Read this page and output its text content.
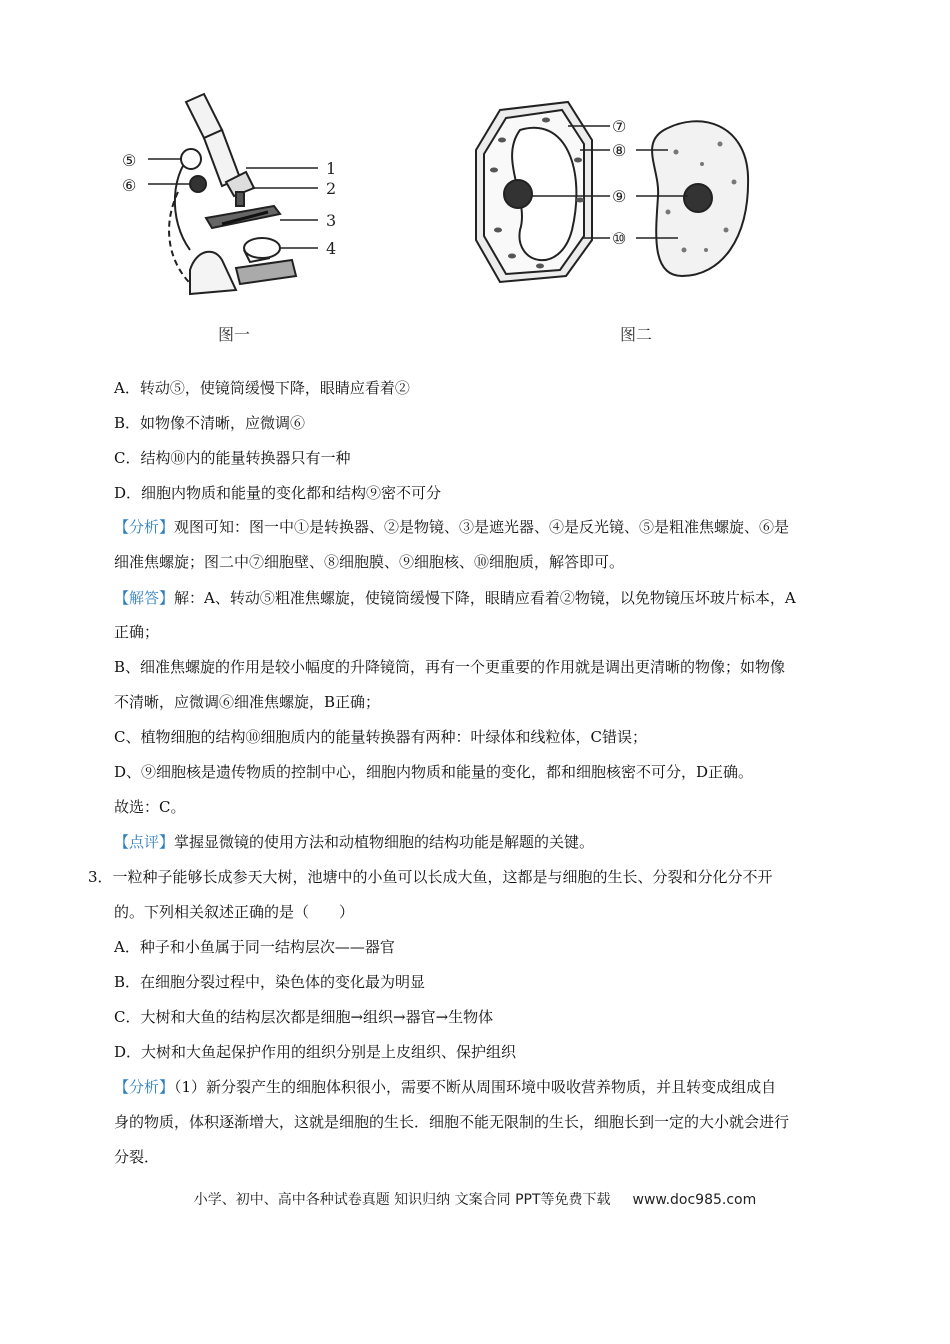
⑤
⑥
1
2
3
4
图一
⑦
⑧
⑨
⑩
图二
A．转动⑤，使镜筒缓慢下降，眼睛应看着②
B．如物像不清晰，应微调⑥
C．结构⑩内的能量转换器只有一种
D．细胞内物质和能量的变化都和结构⑨密不可分
【分析】观图可知：图一中①是转换器、②是物镜、③是遮光器、④是反光镜、⑤是粗准焦螺旋、⑥是
细准焦螺旋；图二中⑦细胞壁、⑧细胞膜、⑨细胞核、⑩细胞质，解答即可。
【解答】解：A、转动⑤粗准焦螺旋，使镜筒缓慢下降，眼睛应看着②物镜，以免物镜压坏玻片标本，A
正确；
B、细准焦螺旋的作用是较小幅度的升降镜筒，再有一个更重要的作用就是调出更清晰的物像；如物像
不清晰，应微调⑥细准焦螺旋，B正确；
C、植物细胞的结构⑩细胞质内的能量转换器有两种：叶绿体和线粒体，C错误；
D、⑨细胞核是遗传物质的控制中心，细胞内物质和能量的变化，都和细胞核密不可分，D正确。
故选：C。
【点评】掌握显微镜的使用方法和动植物细胞的结构功能是解题的关键。
3．一粒种子能够长成参天大树，池塘中的小鱼可以长成大鱼，这都是与细胞的生长、分裂和分化分不开
的。下列相关叙述正确的是（　　）
A．种子和小鱼属于同一结构层次——器官
B．在细胞分裂过程中，染色体的变化最为明显
C．大树和大鱼的结构层次都是细胞→组织→器官→生物体
D．大树和大鱼起保护作用的组织分别是上皮组织、保护组织
【分析】（1）新分裂产生的细胞体积很小，需要不断从周围环境中吸收营养物质，并且转变成组成自
身的物质，体积逐渐增大，这就是细胞的生长．细胞不能无限制的生长，细胞长到一定的大小就会进行
分裂．
小学、初中、高中各种试卷真题 知识归纳 文案合同 PPT等免费下载 www.doc985.com
